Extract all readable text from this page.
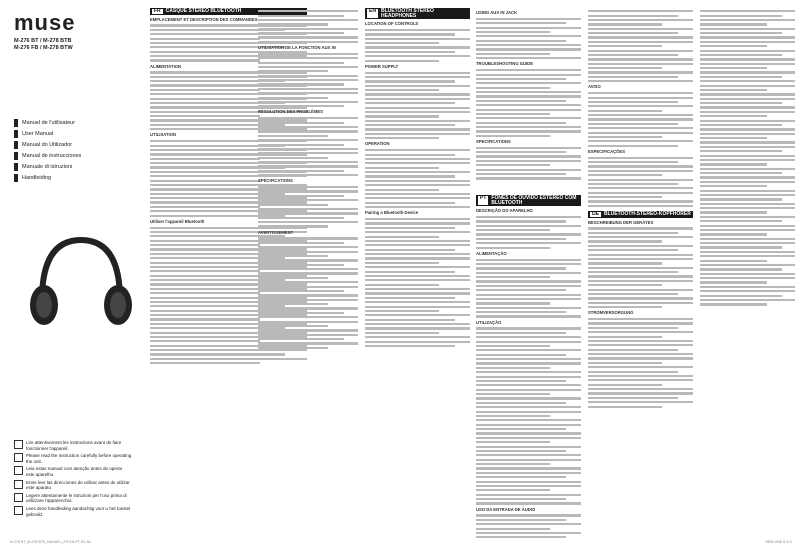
muse
M-276 BT / M-278 BTB
M-276 FB / M-278 BTW
Manuel de l'utilisateur
User Manual
Manual do Utilizador
Manual de instrucciones
Manuale di istruzioni
Handleiding
Lire attentivement les instructions avant de faire fonctionner l'appareil.
Please read the instruction carefully before operating the unit.
Leia estas manual com atenção antes de operar este aparelho.
Entre leer las direcciones de utilizar antes de utilizar este aparato.
Legere attentamente le istruzioni per l'uso prima di utilizzare l'apparecchio.
Lees deze handleiding aandachtig voor u het toestel gebruikt.
FR	CASQUE STÉRÉO BLUETOOTH
EMPLACEMENT ET DESCRIPTION DES COMMANDES
ALIMENTATION
UTILISATION
Utiliser l'appareil Bluetooth
UTILISATION DE LA FONCTION AUX IN
RÉSOLUTION DES PROBLÈMES
SPÉCIFICATIONS
AVERTISSEMENT
EN	BLUETOOTH STEREO HEADPHONES
LOCATION OF CONTROLS
POWER SUPPLY
OPERATION
Pairing a Bluetooth Device
USING AUX IN JACK
TROUBLESHOOTING GUIDE
SPECIFICATIONS
PT	FONES DE OUVIDO ESTÉREO COM BLUETOOTH
DESCRIÇÃO DO APARELHO
ALIMENTAÇÃO
UTILIZAÇÃO
USO DA ENTRADA DE ÁUDIO
AVISO
ESPECIFICAÇÕES
DE	BLUETOOTH-STEREO-KOPFHÖRER
BESCHREIBUNG DER GERÄTES
STROMVERSORGUNG
M-276 BT_M-278 BTB_MANUEL_FR-EN-PT-DE-NL	NEW ONE S.A.S
